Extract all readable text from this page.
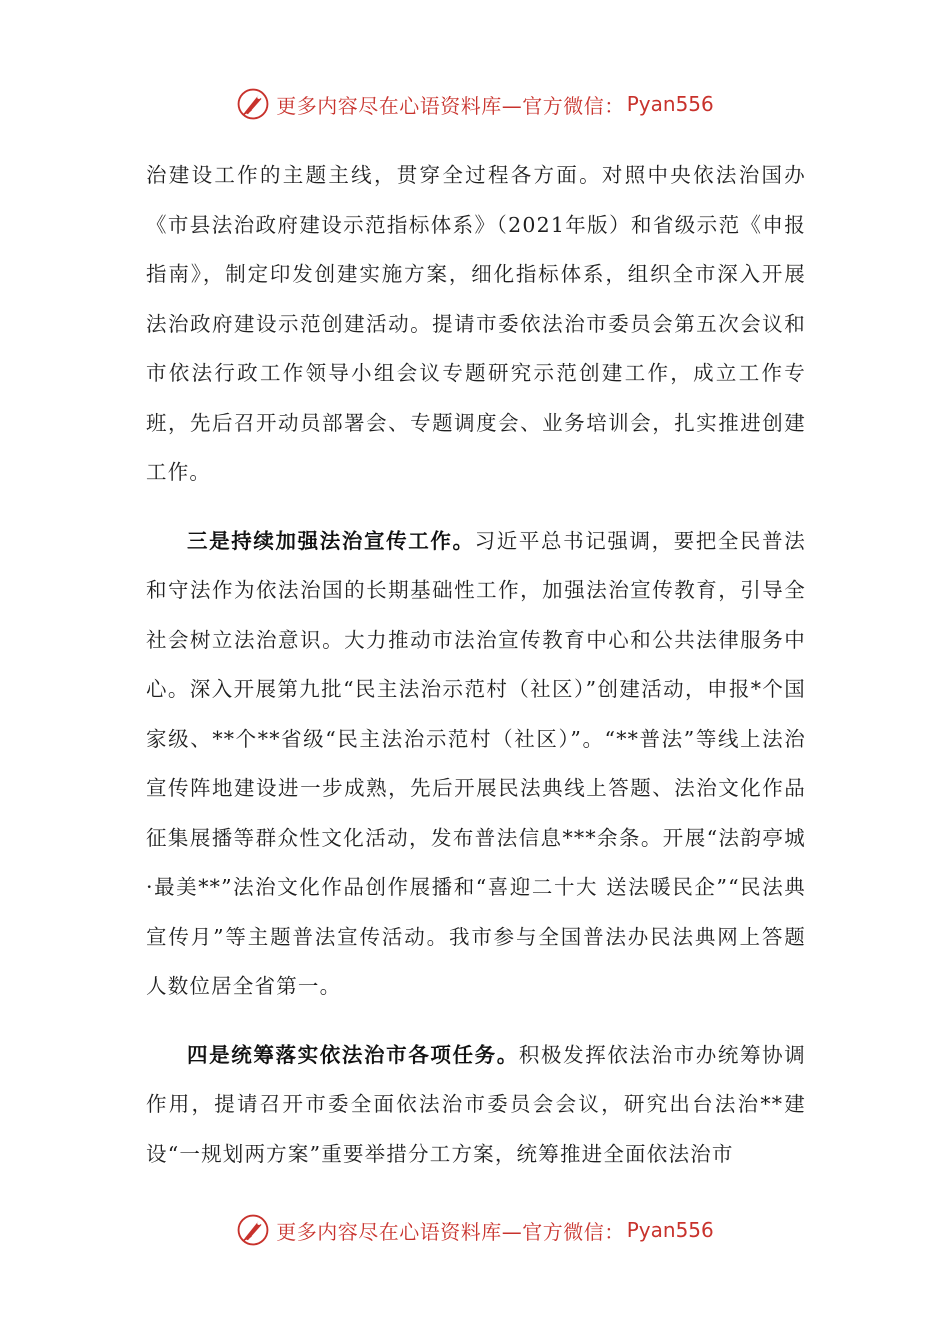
更多内容尽在心语资料库—官方微信： Pyan556

治建设工作的主题主线，贯穿全过程各方面。对照中央依法治国办《市县法治政府建设示范指标体系》（2021年版）和省级示范《申报指南》，制定印发创建实施方案，细化指标体系，组织全市深入开展法治政府建设示范创建活动。提请市委依法治市委员会第五次会议和市依法行政工作领导小组会议专题研究示范创建工作，成立工作专班，先后召开动员部署会、专题调度会、业务培训会，扎实推进创建工作。

三是持续加强法治宣传工作。习近平总书记强调，要把全民普法和守法作为依法治国的长期基础性工作，加强法治宣传教育，引导全社会树立法治意识。大力推动市法治宣传教育中心和公共法律服务中心。深入开展第九批“民主法治示范村（社区）”创建活动，申报*个国家级、**个**省级“民主法治示范村（社区）”。“**普法”等线上法治宣传阵地建设进一步成熟，先后开展民法典线上答题、法治文化作品征集展播等群众性文化活动，发布普法信息***余条。开展“法韵亭城·最美**”法治文化作品创作展播和“喜迎二十大 送法暖民企”“民法典宣传月”等主题普法宣传活动。我市参与全国普法办民法典网上答题人数位居全省第一。

四是统筹落实依法治市各项任务。积极发挥依法治市办统筹协调作用，提请召开市委全面依法治市委员会会议，研究出台法治**建设“一规划两方案”重要举措分工方案，统筹推进全面依法治市

更多内容尽在心语资料库—官方微信： Pyan556
